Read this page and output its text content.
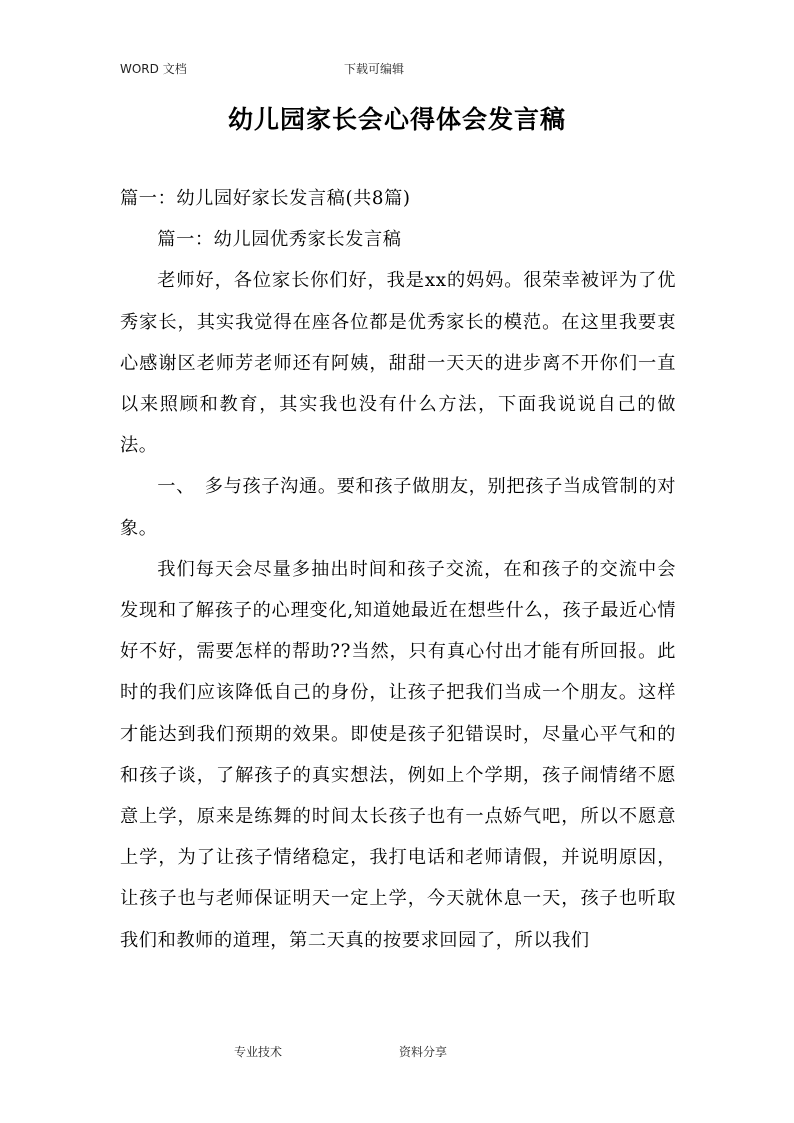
WORD 文档	下载可编辑
幼儿园家长会心得体会发言稿

篇一：幼儿园好家长发言稿(共8篇)

篇一：幼儿园优秀家长发言稿

老师好，各位家长你们好，我是xx的妈妈。很荣幸被评为了优秀家长，其实我觉得在座各位都是优秀家长的模范。在这里我要衷心感谢区老师芳老师还有阿姨，甜甜一天天的进步离不开你们一直以来照顾和教育，其实我也没有什么方法，下面我说说自己的做法。

一、　多与孩子沟通。要和孩子做朋友，别把孩子当成管制的对象。

我们每天会尽量多抽出时间和孩子交流，在和孩子的交流中会发现和了解孩子的心理变化,知道她最近在想些什么，孩子最近心情好不好，需要怎样的帮助??当然，只有真心付出才能有所回报。此时的我们应该降低自己的身份，让孩子把我们当成一个朋友。这样才能达到我们预期的效果。即使是孩子犯错误时，尽量心平气和的和孩子谈，了解孩子的真实想法，例如上个学期，孩子闹情绪不愿意上学，原来是练舞的时间太长孩子也有一点娇气吧，所以不愿意上学，为了让孩子情绪稳定，我打电话和老师请假，并说明原因，让孩子也与老师保证明天一定上学，今天就休息一天，孩子也听取我们和教师的道理，第二天真的按要求回园了，所以我们

专业技术	资料分享
